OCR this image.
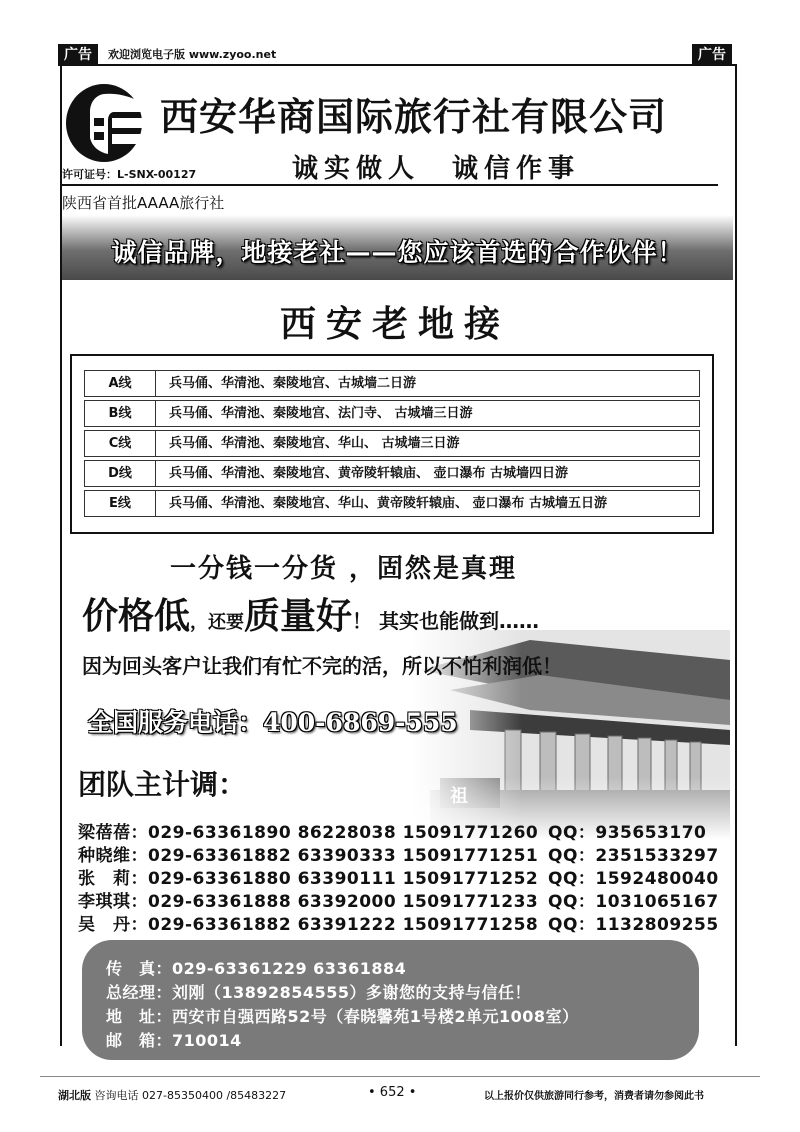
广告	欢迎浏览电子版 www.zyoo.net	广告
西安华商国际旅行社有限公司
许可证号：L-SNX-00127	诚实做人　诚信作事
陕西省首批AAAA旅行社
诚信品牌，地接老社——您应该首选的合作伙伴！
西安老地接
A线	兵马俑、华清池、秦陵地宫、古城墙二日游
B线	兵马俑、华清池、秦陵地宫、法门寺、 古城墙三日游
C线	兵马俑、华清池、秦陵地宫、华山、 古城墙三日游
D线	兵马俑、华清池、秦陵地宫、黄帝陵轩辕庙、 壶口瀑布 古城墙四日游
E线	兵马俑、华清池、秦陵地宫、华山、黄帝陵轩辕庙、 壶口瀑布 古城墙五日游
一分钱一分货 ，固然是真理
价格低，还要质量好！ 其实也能做到……
因为回头客户让我们有忙不完的活，所以不怕利润低！
全国服务电话：400-6869-555
团队主计调：
梁蓓蓓：029-63361890 86228038 15091771260 QQ：935653170
种晓维：029-63361882 63390333 15091771251 QQ：2351533297
张　莉：029-63361880 63390111 15091771252 QQ：1592480040
李琪琪：029-63361888 63392000 15091771233 QQ：1031065167
吴　丹：029-63361882 63391222 15091771258 QQ：1132809255
传　真：029-63361229 63361884
总经理：刘刚（13892854555）多谢您的支持与信任！
地　址：西安市自强西路52号（春晓馨苑1号楼2单元1008室）
邮　箱：710014
湖北版 咨询电话 027-85350400 /85483227	• 652 •	以上报价仅供旅游同行参考，消费者请勿参阅此书
